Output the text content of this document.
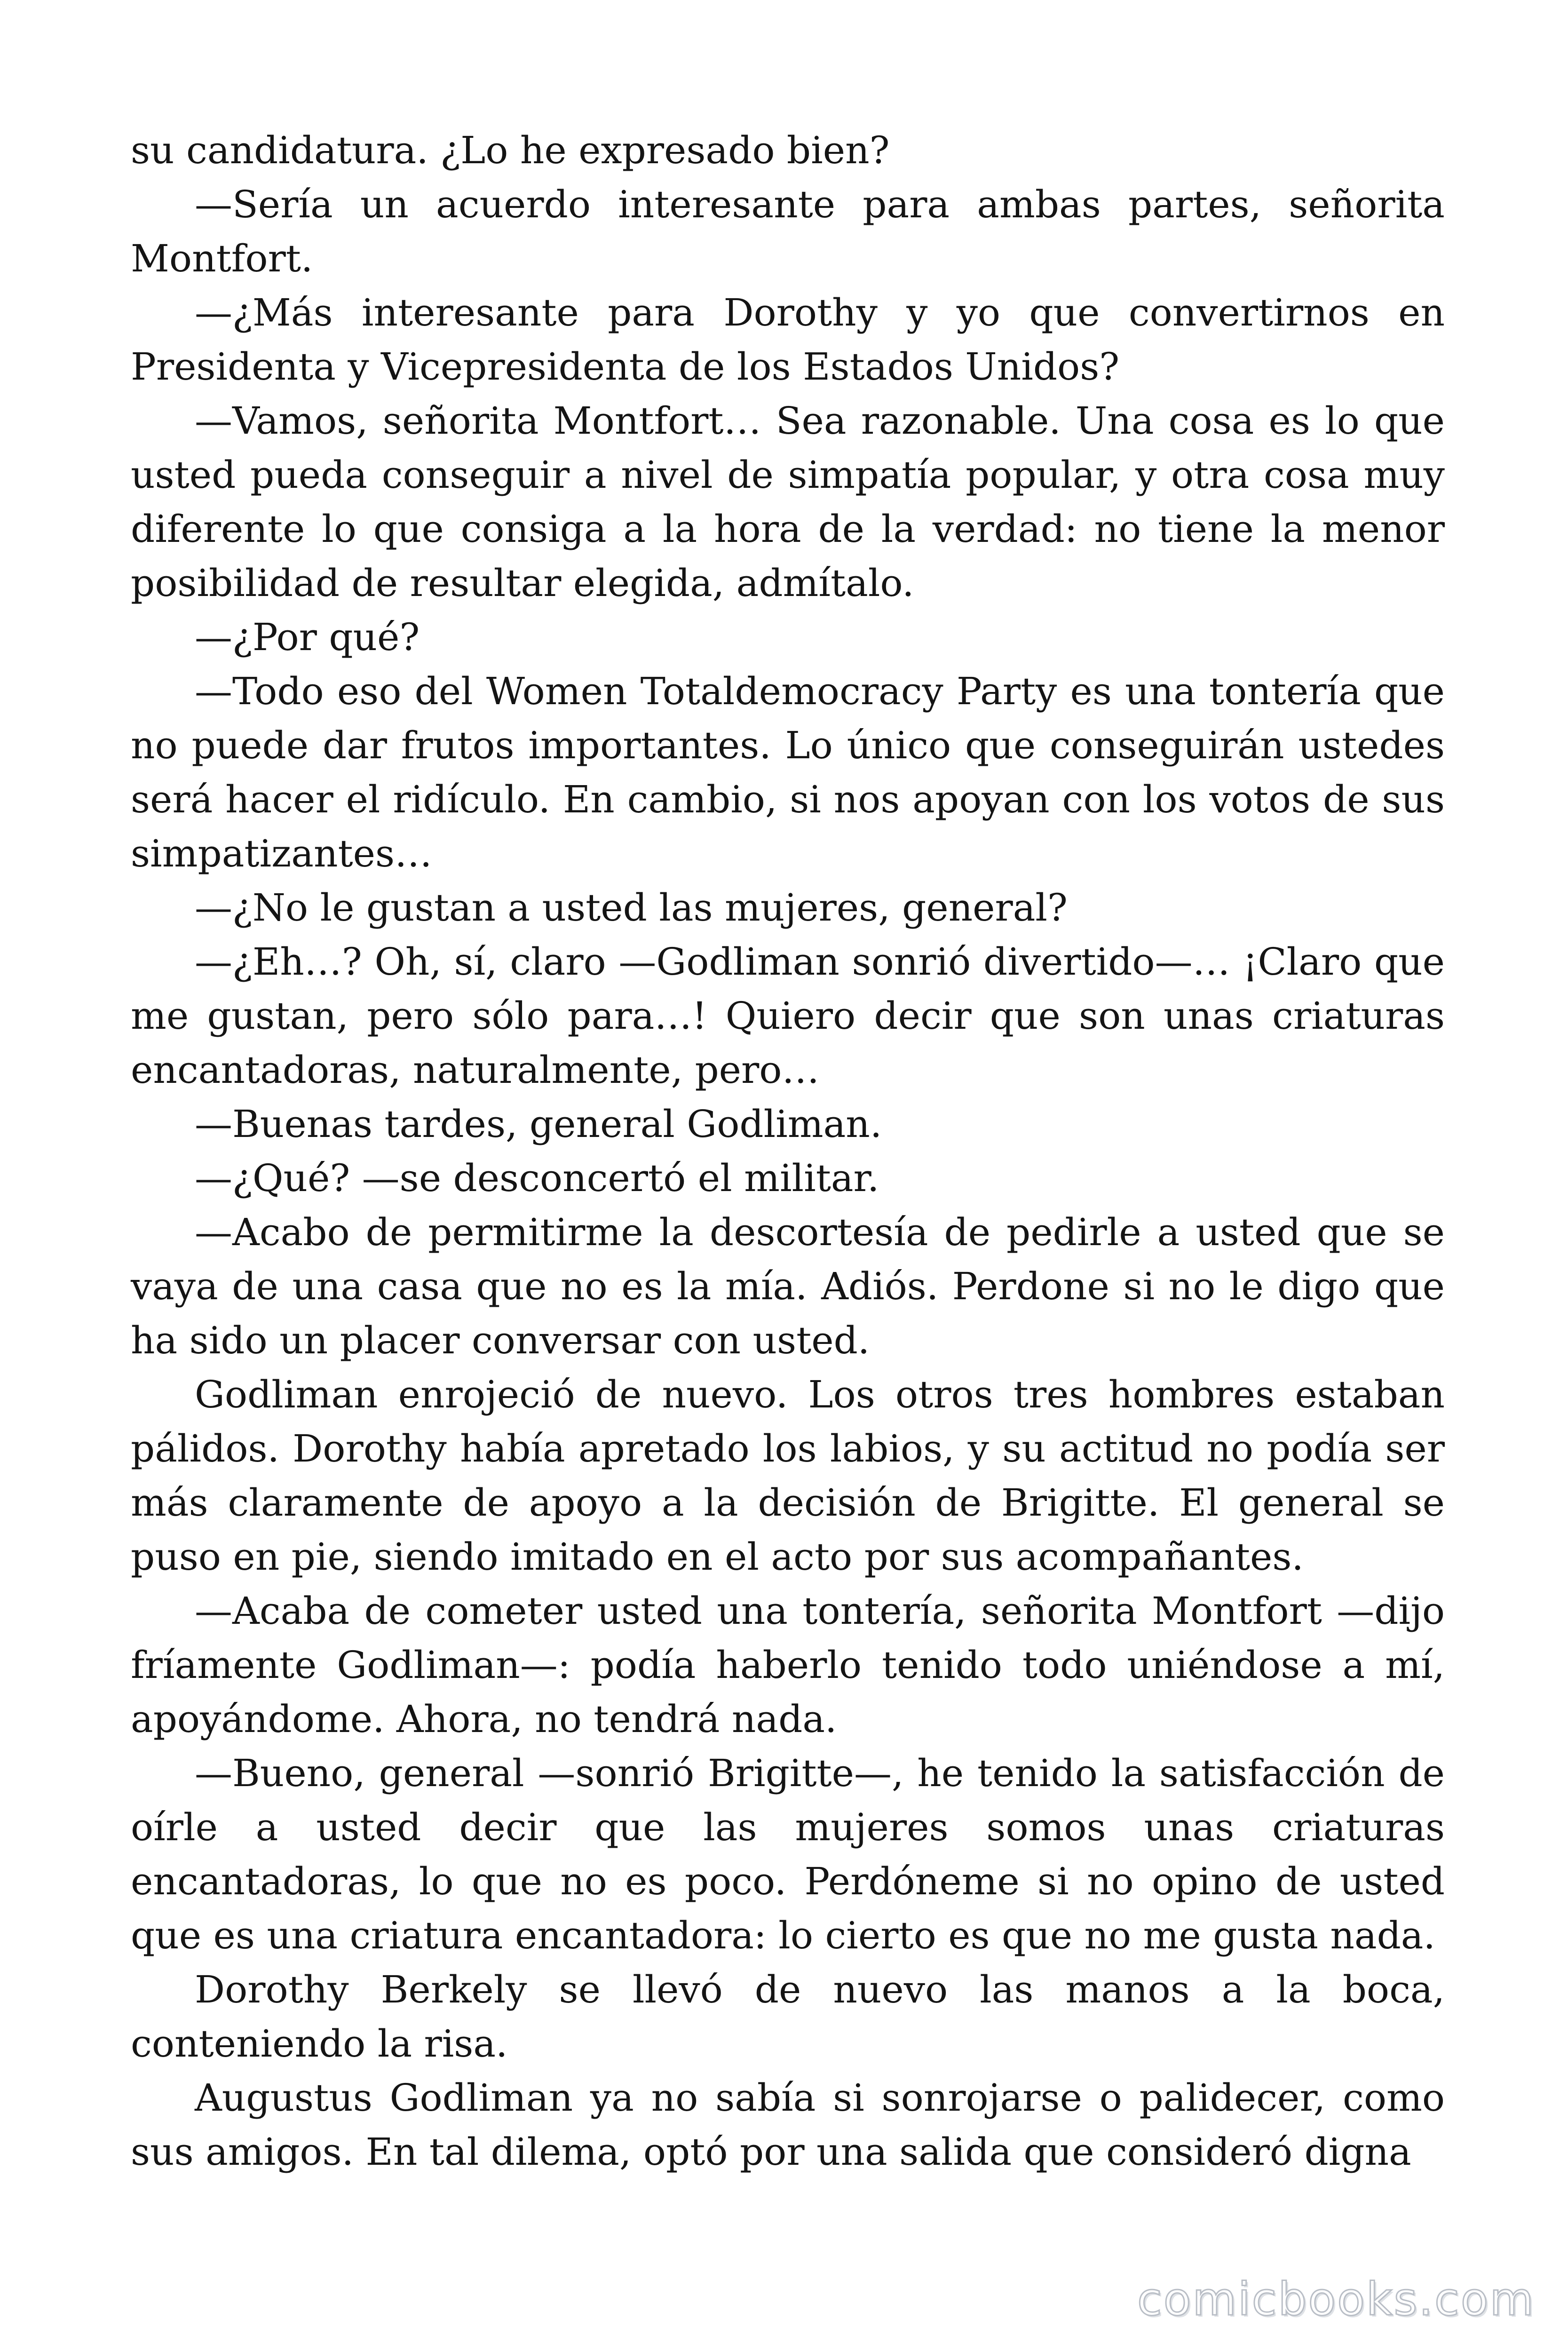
su candidatura. ¿Lo he expresado bien?

—Sería un acuerdo interesante para ambas partes, señorita Montfort.

—¿Más interesante para Dorothy y yo que convertirnos en Presidenta y Vicepresidenta de los Estados Unidos?

—Vamos, señorita Montfort… Sea razonable. Una cosa es lo que usted pueda conseguir a nivel de simpatía popular, y otra cosa muy diferente lo que consiga a la hora de la verdad: no tiene la menor posibilidad de resultar elegida, admítalo.

—¿Por qué?

—Todo eso del Women Totaldemocracy Party es una tontería que no puede dar frutos importantes. Lo único que conseguirán ustedes será hacer el ridículo. En cambio, si nos apoyan con los votos de sus simpatizantes…

—¿No le gustan a usted las mujeres, general?

—¿Eh…? Oh, sí, claro —Godliman sonrió divertido—… ¡Claro que me gustan, pero sólo para…! Quiero decir que son unas criaturas encantadoras, naturalmente, pero…

—Buenas tardes, general Godliman.

—¿Qué? —se desconcertó el militar.

—Acabo de permitirme la descortesía de pedirle a usted que se vaya de una casa que no es la mía. Adiós. Perdone si no le digo que ha sido un placer conversar con usted.

Godliman enrojeció de nuevo. Los otros tres hombres estaban pálidos. Dorothy había apretado los labios, y su actitud no podía ser más claramente de apoyo a la decisión de Brigitte. El general se puso en pie, siendo imitado en el acto por sus acompañantes.

—Acaba de cometer usted una tontería, señorita Montfort —dijo fríamente Godliman—: podía haberlo tenido todo uniéndose a mí, apoyándome. Ahora, no tendrá nada.

—Bueno, general —sonrió Brigitte—, he tenido la satisfacción de oírle a usted decir que las mujeres somos unas criaturas encantadoras, lo que no es poco. Perdóneme si no opino de usted que es una criatura encantadora: lo cierto es que no me gusta nada.

Dorothy Berkely se llevó de nuevo las manos a la boca, conteniendo la risa.

Augustus Godliman ya no sabía si sonrojarse o palidecer, como sus amigos. En tal dilema, optó por una salida que consideró digna

comicbooks.com
